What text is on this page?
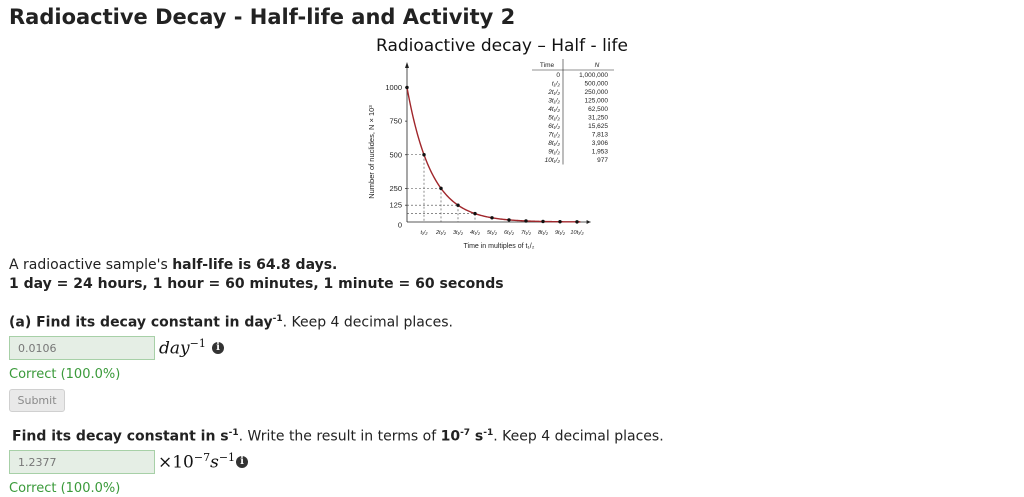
Radioactive Decay - Half-life and Activity 2
Radioactive decay – Half - life
0
125
250
500
750
1000
t₁/₂ 2t₁/₂ 3t₁/₂ 4t₁/₂ 5t₁/₂ 6t₁/₂ 7t₁/₂ 8t₁/₂ 9t₁/₂ 10t₁/₂
Number of nuclides, N × 10³
Time in multiples of t₁/₂
Time	N
0	1,000,000
t₁/₂	500,000
2t₁/₂	250,000
3t₁/₂	125,000
4t₁/₂	62,500
5t₁/₂	31,250
6t₁/₂	15,625
7t₁/₂	7,813
8t₁/₂	3,906
9t₁/₂	1,953
10t₁/₂	977
A radioactive sample's half-life is 64.8 days.
1 day = 24 hours, 1 hour = 60 minutes, 1 minute = 60 seconds
(a) Find its decay constant in day$^{-1}$. Keep 4 decimal places.
0.0106
day$^{-1}$	i
Correct (100.0%)
Submit
Find its decay constant in $s^{-1}$. Write the result in terms of $10^{-7}$ $s^{-1}$. Keep 4 decimal places.
1.2377
$\times 10^{-7}s^{-1}$ i
Correct (100.0%)
